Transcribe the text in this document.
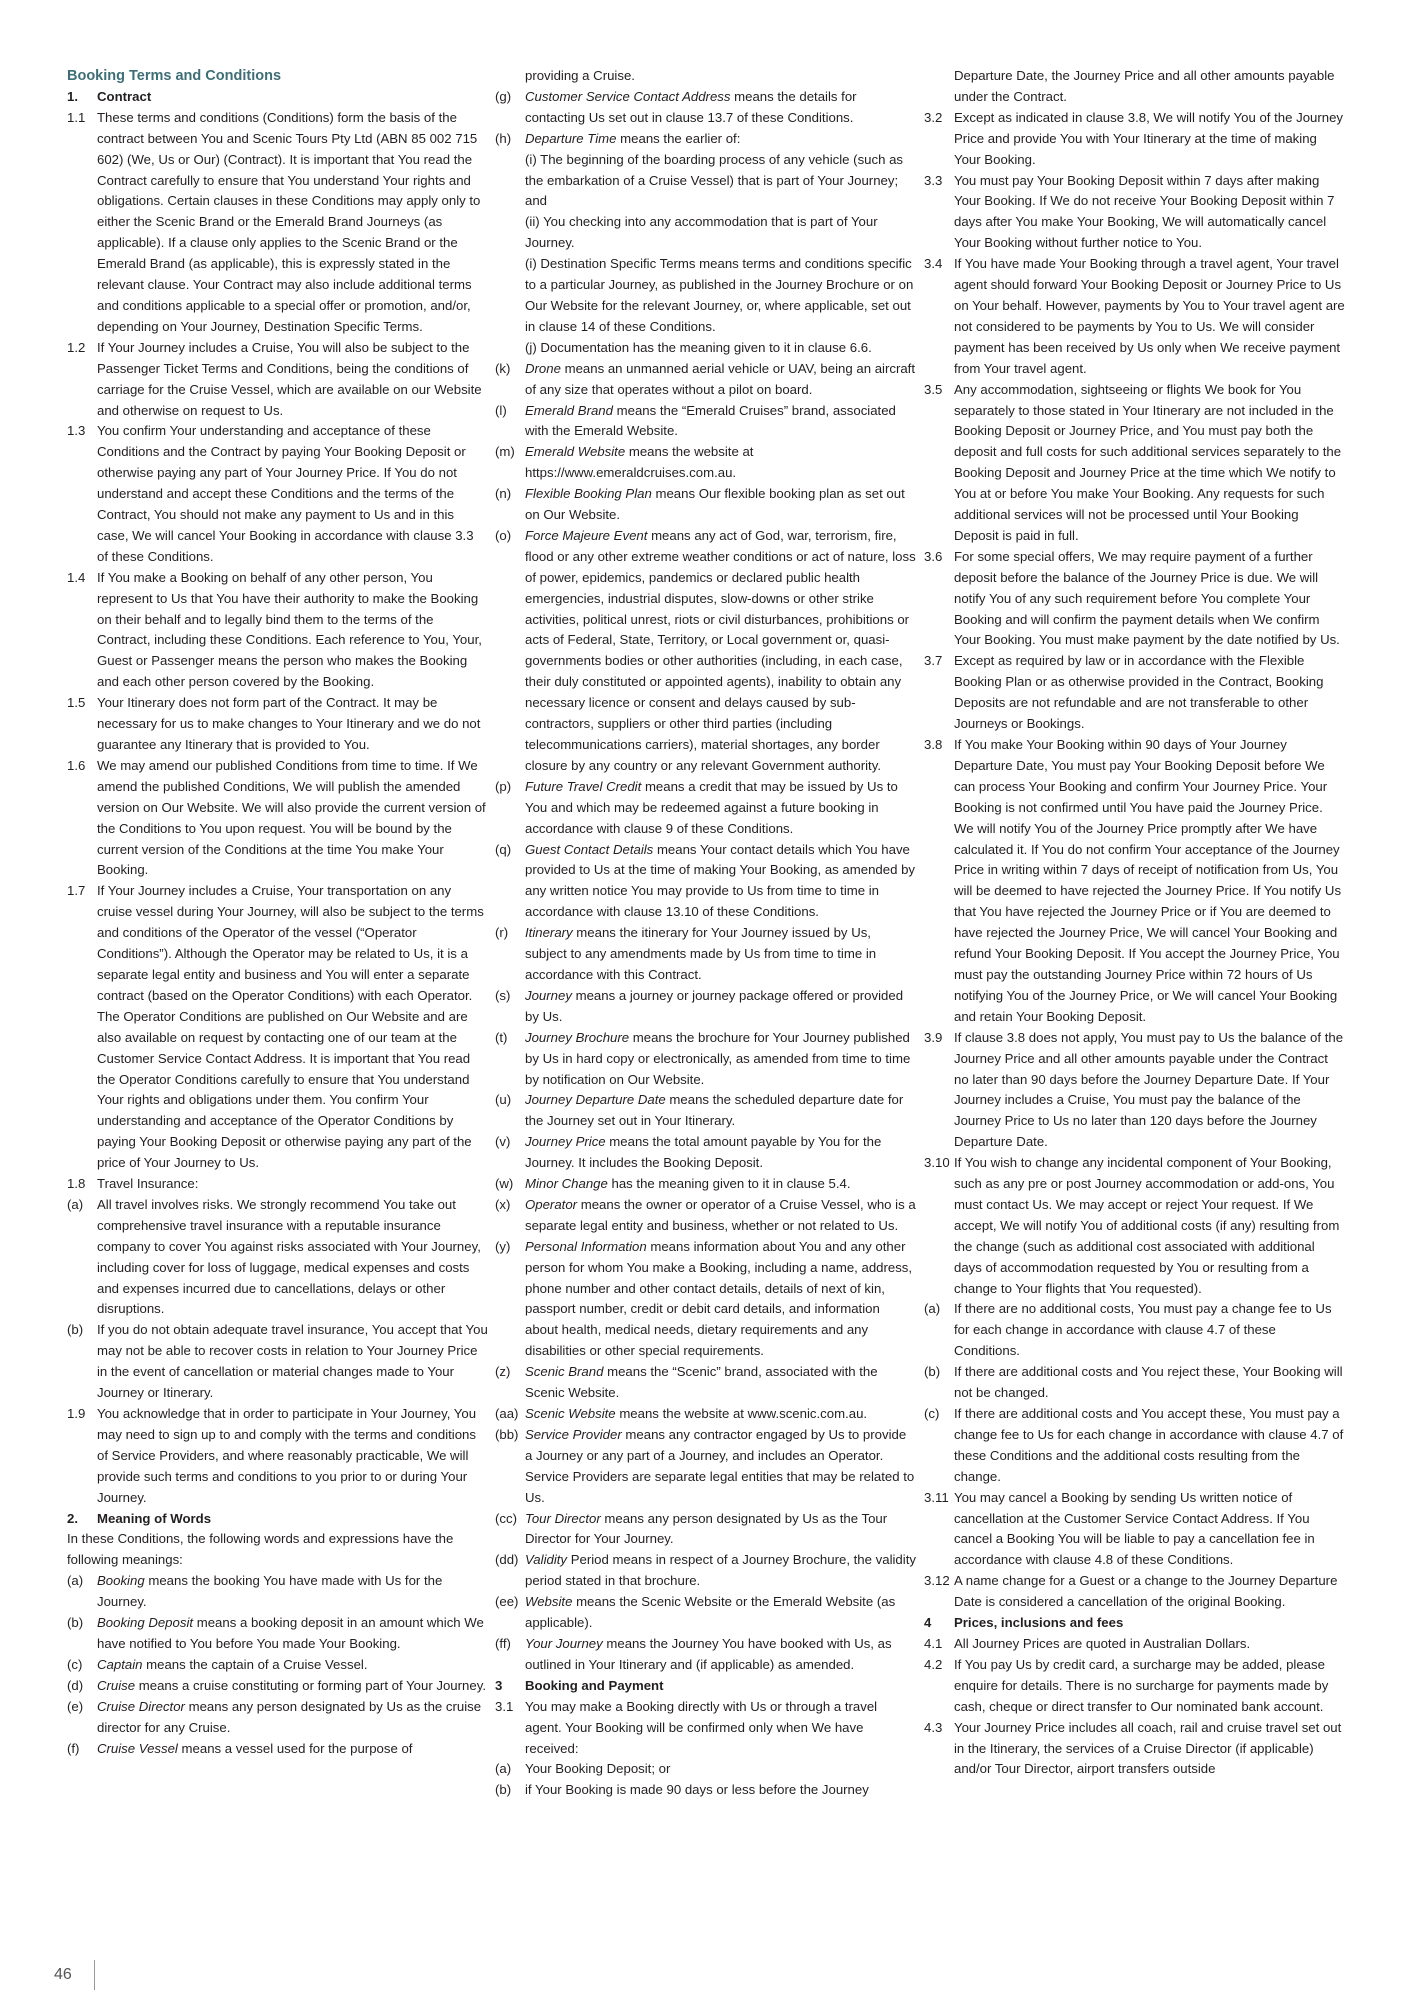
Booking Terms and Conditions
1.	Contract
1.1 These terms and conditions (Conditions) form the basis of the contract between You and Scenic Tours Pty Ltd (ABN 85 002 715 602) (We, Us or Our) (Contract). It is important that You read the Contract carefully to ensure that You understand Your rights and obligations. Certain clauses in these Conditions may apply only to either the Scenic Brand or the Emerald Brand Journeys (as applicable). If a clause only applies to the Scenic Brand or the Emerald Brand (as applicable), this is expressly stated in the relevant clause. Your Contract may also include additional terms and conditions applicable to a special offer or promotion, and/or, depending on Your Journey, Destination Specific Terms.
1.2 If Your Journey includes a Cruise, You will also be subject to the Passenger Ticket Terms and Conditions, being the conditions of carriage for the Cruise Vessel, which are available on our Website and otherwise on request to Us.
1.3 You confirm Your understanding and acceptance of these Conditions and the Contract by paying Your Booking Deposit or otherwise paying any part of Your Journey Price. If You do not understand and accept these Conditions and the terms of the Contract, You should not make any payment to Us and in this case, We will cancel Your Booking in accordance with clause 3.3 of these Conditions.
1.4 If You make a Booking on behalf of any other person, You represent to Us that You have their authority to make the Booking on their behalf and to legally bind them to the terms of the Contract, including these Conditions. Each reference to You, Your, Guest or Passenger means the person who makes the Booking and each other person covered by the Booking.
1.5 Your Itinerary does not form part of the Contract. It may be necessary for us to make changes to Your Itinerary and we do not guarantee any Itinerary that is provided to You.
1.6 We may amend our published Conditions from time to time. If We amend the published Conditions, We will publish the amended version on Our Website. We will also provide the current version of the Conditions to You upon request. You will be bound by the current version of the Conditions at the time You make Your Booking.
1.7 If Your Journey includes a Cruise, Your transportation on any cruise vessel during Your Journey, will also be subject to the terms and conditions of the Operator of the vessel (“Operator Conditions”). Although the Operator may be related to Us, it is a separate legal entity and business and You will enter a separate contract (based on the Operator Conditions) with each Operator. The Operator Conditions are published on Our Website and are also available on request by contacting one of our team at the Customer Service Contact Address. It is important that You read the Operator Conditions carefully to ensure that You understand Your rights and obligations under them. You confirm Your understanding and acceptance of the Operator Conditions by paying Your Booking Deposit or otherwise paying any part of the price of Your Journey to Us.
1.8 Travel Insurance:
(a)	All travel involves risks. We strongly recommend You take out comprehensive travel insurance with a reputable insurance company to cover You against risks associated with Your Journey, including cover for loss of luggage, medical expenses and costs and expenses incurred due to cancellations, delays or other disruptions.
(b)	If you do not obtain adequate travel insurance, You accept that You may not be able to recover costs in relation to Your Journey Price in the event of cancellation or material changes made to Your Journey or Itinerary.
1.9 You acknowledge that in order to participate in Your Journey, You may need to sign up to and comply with the terms and conditions of Service Providers, and where reasonably practicable, We will provide such terms and conditions to you prior to or during Your Journey.
2.	Meaning of Words
In these Conditions, the following words and expressions have the following meanings:
(a)	Booking means the booking You have made with Us for the Journey.
(b)	Booking Deposit means a booking deposit in an amount which We have notified to You before You made Your Booking.
(c)	Captain means the captain of a Cruise Vessel.
(d)	Cruise means a cruise constituting or forming part of Your Journey.
(e)	Cruise Director means any person designated by Us as the cruise director for any Cruise.
(f)	Cruise Vessel means a vessel used for the purpose of
providing a Cruise.
(g)	Customer Service Contact Address means the details for contacting Us set out in clause 13.7 of these Conditions.
(h)	Departure Time means the earlier of:
(i) The beginning of the boarding process of any vehicle (such as the embarkation of a Cruise Vessel) that is part of Your Journey; and
(ii) You checking into any accommodation that is part of Your Journey.
(i) Destination Specific Terms means terms and conditions specific to a particular Journey, as published in the Journey Brochure or on Our Website for the relevant Journey, or, where applicable, set out in clause 14 of these Conditions.
(j) Documentation has the meaning given to it in clause 6.6.
(k)	Drone means an unmanned aerial vehicle or UAV, being an aircraft of any size that operates without a pilot on board.
(l)	Emerald Brand means the “Emerald Cruises” brand, associated with the Emerald Website.
(m) Emerald Website means the website at https://www.emeraldcruises.com.au.
(n)	Flexible Booking Plan means Our flexible booking plan as set out on Our Website.
(o)	Force Majeure Event means any act of God, war, terrorism, fire, flood or any other extreme weather conditions or act of nature, loss of power, epidemics, pandemics or declared public health emergencies, industrial disputes, slow-downs or other strike activities, political unrest, riots or civil disturbances, prohibitions or acts of Federal, State, Territory, or Local government or, quasi-governments bodies or other authorities (including, in each case, their duly constituted or appointed agents), inability to obtain any necessary licence or consent and delays caused by sub-contractors, suppliers or other third parties (including telecommunications carriers), material shortages, any border closure by any country or any relevant Government authority.
(p)	Future Travel Credit means a credit that may be issued by Us to You and which may be redeemed against a future booking in accordance with clause 9 of these Conditions.
(q)	Guest Contact Details means Your contact details which You have provided to Us at the time of making Your Booking, as amended by any written notice You may provide to Us from time to time in accordance with clause 13.10 of these Conditions.
(r)	Itinerary means the itinerary for Your Journey issued by Us, subject to any amendments made by Us from time to time in accordance with this Contract.
(s)	Journey means a journey or journey package offered or provided by Us.
(t)	Journey Brochure means the brochure for Your Journey published by Us in hard copy or electronically, as amended from time to time by notification on Our Website.
(u)	Journey Departure Date means the scheduled departure date for the Journey set out in Your Itinerary.
(v)	Journey Price means the total amount payable by You for the Journey. It includes the Booking Deposit.
(w) Minor Change has the meaning given to it in clause 5.4.
(x)	Operator means the owner or operator of a Cruise Vessel, who is a separate legal entity and business, whether or not related to Us.
(y)	Personal Information means information about You and any other person for whom You make a Booking, including a name, address, phone number and other contact details, details of next of kin, passport number, credit or debit card details, and information about health, medical needs, dietary requirements and any disabilities or other special requirements.
(z)	Scenic Brand means the “Scenic” brand, associated with the Scenic Website.
(aa) Scenic Website means the website at www.scenic.com.au.
(bb) Service Provider means any contractor engaged by Us to provide a Journey or any part of a Journey, and includes an Operator. Service Providers are separate legal entities that may be related to Us.
(cc) Tour Director means any person designated by Us as the Tour Director for Your Journey.
(dd) Validity Period means in respect of a Journey Brochure, the validity period stated in that brochure.
(ee) Website means the Scenic Website or the Emerald Website (as applicable).
(ff)	Your Journey means the Journey You have booked with Us, as outlined in Your Itinerary and (if applicable) as amended.
3	Booking and Payment
3.1 You may make a Booking directly with Us or through a travel agent. Your Booking will be confirmed only when We have received:
(a)	Your Booking Deposit; or
(b)	if Your Booking is made 90 days or less before the Journey
Departure Date, the Journey Price and all other amounts payable under the Contract.
3.2 Except as indicated in clause 3.8, We will notify You of the Journey Price and provide You with Your Itinerary at the time of making Your Booking.
3.3 You must pay Your Booking Deposit within 7 days after making Your Booking. If We do not receive Your Booking Deposit within 7 days after You make Your Booking, We will automatically cancel Your Booking without further notice to You.
3.4 If You have made Your Booking through a travel agent, Your travel agent should forward Your Booking Deposit or Journey Price to Us on Your behalf. However, payments by You to Your travel agent are not considered to be payments by You to Us. We will consider payment has been received by Us only when We receive payment from Your travel agent.
3.5 Any accommodation, sightseeing or flights We book for You separately to those stated in Your Itinerary are not included in the Booking Deposit or Journey Price, and You must pay both the deposit and full costs for such additional services separately to the Booking Deposit and Journey Price at the time which We notify to You at or before You make Your Booking. Any requests for such additional services will not be processed until Your Booking Deposit is paid in full.
3.6 For some special offers, We may require payment of a further deposit before the balance of the Journey Price is due. We will notify You of any such requirement before You complete Your Booking and will confirm the payment details when We confirm Your Booking. You must make payment by the date notified by Us.
3.7 Except as required by law or in accordance with the Flexible Booking Plan or as otherwise provided in the Contract, Booking Deposits are not refundable and are not transferable to other Journeys or Bookings.
3.8 If You make Your Booking within 90 days of Your Journey Departure Date, You must pay Your Booking Deposit before We can process Your Booking and confirm Your Journey Price. Your Booking is not confirmed until You have paid the Journey Price. We will notify You of the Journey Price promptly after We have calculated it. If You do not confirm Your acceptance of the Journey Price in writing within 7 days of receipt of notification from Us, You will be deemed to have rejected the Journey Price. If You notify Us that You have rejected the Journey Price or if You are deemed to have rejected the Journey Price, We will cancel Your Booking and refund Your Booking Deposit. If You accept the Journey Price, You must pay the outstanding Journey Price within 72 hours of Us notifying You of the Journey Price, or We will cancel Your Booking and retain Your Booking Deposit.
3.9 If clause 3.8 does not apply, You must pay to Us the balance of the Journey Price and all other amounts payable under the Contract no later than 90 days before the Journey Departure Date. If Your Journey includes a Cruise, You must pay the balance of the Journey Price to Us no later than 120 days before the Journey Departure Date.
3.10 If You wish to change any incidental component of Your Booking, such as any pre or post Journey accommodation or add-ons, You must contact Us. We may accept or reject Your request. If We accept, We will notify You of additional costs (if any) resulting from the change (such as additional cost associated with additional days of accommodation requested by You or resulting from a change to Your flights that You requested).
(a)	If there are no additional costs, You must pay a change fee to Us for each change in accordance with clause 4.7 of these Conditions.
(b)	If there are additional costs and You reject these, Your Booking will not be changed.
(c)	If there are additional costs and You accept these, You must pay a change fee to Us for each change in accordance with clause 4.7 of these Conditions and the additional costs resulting from the change.
3.11 You may cancel a Booking by sending Us written notice of cancellation at the Customer Service Contact Address. If You cancel a Booking You will be liable to pay a cancellation fee in accordance with clause 4.8 of these Conditions.
3.12 A name change for a Guest or a change to the Journey Departure Date is considered a cancellation of the original Booking.
4	Prices, inclusions and fees
4.1 All Journey Prices are quoted in Australian Dollars.
4.2 If You pay Us by credit card, a surcharge may be added, please enquire for details. There is no surcharge for payments made by cash, cheque or direct transfer to Our nominated bank account.
4.3 Your Journey Price includes all coach, rail and cruise travel set out in the Itinerary, the services of a Cruise Director (if applicable) and/or Tour Director, airport transfers outside
46
